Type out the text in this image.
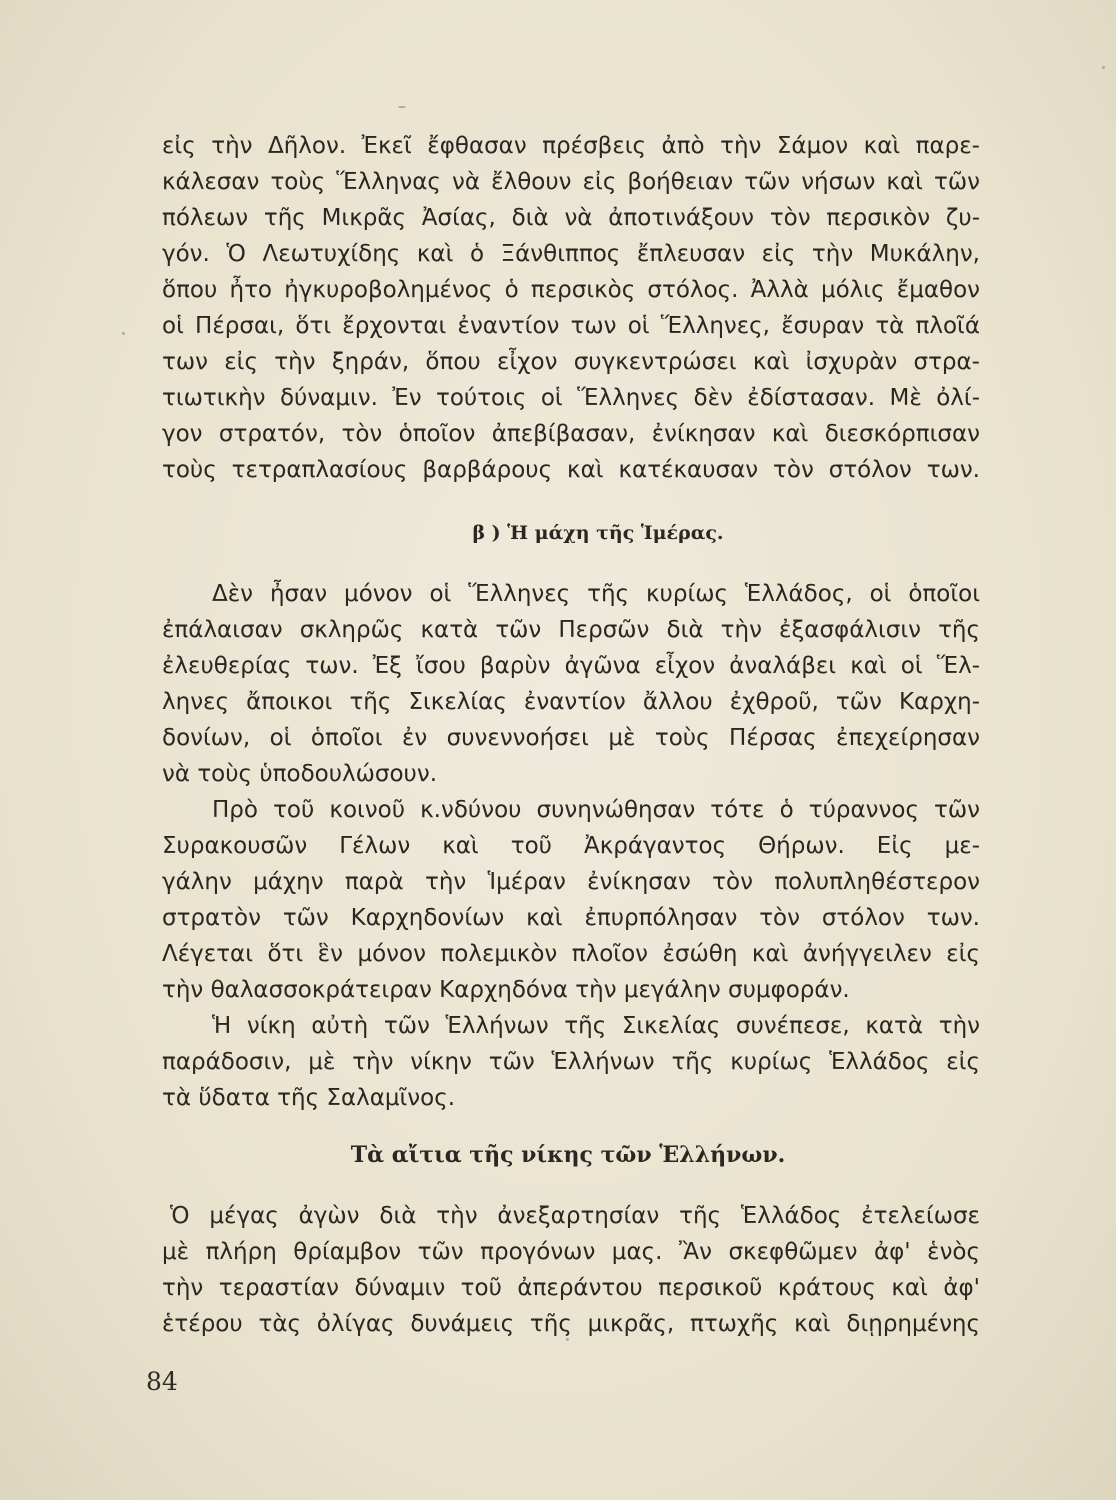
εἰς τὴν Δῆλον. Ἐκεῖ ἔφθασαν πρέσβεις ἀπὸ τὴν Σάμον καὶ παρε-
κάλεσαν τοὺς Ἕλληνας νὰ ἔλθουν εἰς βοήθειαν τῶν νήσων καὶ τῶν
πόλεων τῆς Μικρᾶς Ἀσίας, διὰ νὰ ἀποτινάξουν τὸν περσικὸν ζυ-
γόν. Ὁ Λεωτυχίδης καὶ ὁ Ξάνθιππος ἔπλευσαν εἰς τὴν Μυκάλην,
ὅπου ἦτο ἠγκυροβολημένος ὁ περσικὸς στόλος. Ἀλλὰ μόλις ἔμαθον
οἱ Πέρσαι, ὅτι ἔρχονται ἐναντίον των οἱ Ἕλληνες, ἔσυραν τὰ πλοῖά
των εἰς τὴν ξηράν, ὅπου εἶχον συγκεντρώσει καὶ ἰσχυρὰν στρα-
τιωτικὴν δύναμιν. Ἐν τούτοις οἱ Ἕλληνες δὲν ἐδίστασαν. Μὲ ὀλί-
γον στρατόν, τὸν ὁποῖον ἀπεβίβασαν, ἐνίκησαν καὶ διεσκόρπισαν
τοὺς τετραπλασίους βαρβάρους καὶ κατέκαυσαν τὸν στόλον των.
β ) Ἡ μάχη τῆς Ἱμέρας.
Δὲν ἦσαν μόνον οἱ Ἕλληνες τῆς κυρίως Ἑλλάδος, οἱ ὁποῖοι
ἐπάλαισαν σκληρῶς κατὰ τῶν Περσῶν διὰ τὴν ἐξασφάλισιν τῆς
ἐλευθερίας των. Ἐξ ἴσου βαρὺν ἀγῶνα εἶχον ἀναλάβει καὶ οἱ Ἕλ-
ληνες ἄποικοι τῆς Σικελίας ἐναντίον ἄλλου ἐχθροῦ, τῶν Καρχη-
δονίων, οἱ ὁποῖοι ἐν συνεννοήσει μὲ τοὺς Πέρσας ἐπεχείρησαν
νὰ τοὺς ὑποδουλώσουν.
Πρὸ τοῦ κοινοῦ κ.νδύνου συνηνώθησαν τότε ὁ τύραννος τῶν
Συρακουσῶν Γέλων καὶ τοῦ Ἀκράγαντος Θήρων. Εἰς με-
γάλην μάχην παρὰ τὴν Ἱμέραν ἐνίκησαν τὸν πολυπληθέστερον
στρατὸν τῶν Καρχηδονίων καὶ ἐπυρπόλησαν τὸν στόλον των.
Λέγεται ὅτι ἓν μόνον πολεμικὸν πλοῖον ἐσώθη καὶ ἀνήγγειλεν εἰς
τὴν θαλασσοκράτειραν Καρχηδόνα τὴν μεγάλην συμφοράν.
Ἡ νίκη αὐτὴ τῶν Ἑλλήνων τῆς Σικελίας συνέπεσε, κατὰ τὴν
παράδοσιν, μὲ τὴν νίκην τῶν Ἑλλήνων τῆς κυρίως Ἑλλάδος εἰς
τὰ ὕδατα τῆς Σαλαμῖνος.
Τὰ αἴτια τῆς νίκης τῶν Ἑλλήνων.
Ὁ μέγας ἀγὼν διὰ τὴν ἀνεξαρτησίαν τῆς Ἑλλάδος ἐτελείωσε
μὲ πλήρη θρίαμβον τῶν προγόνων μας. Ἂν σκεφθῶμεν ἀφ' ἑνὸς
τὴν τεραστίαν δύναμιν τοῦ ἀπεράντου περσικοῦ κράτους καὶ ἀφ'
ἑτέρου τὰς ὀλίγας δυνάμεις τῆς μικρᾶς, πτωχῆς καὶ διῃρημένης
84
